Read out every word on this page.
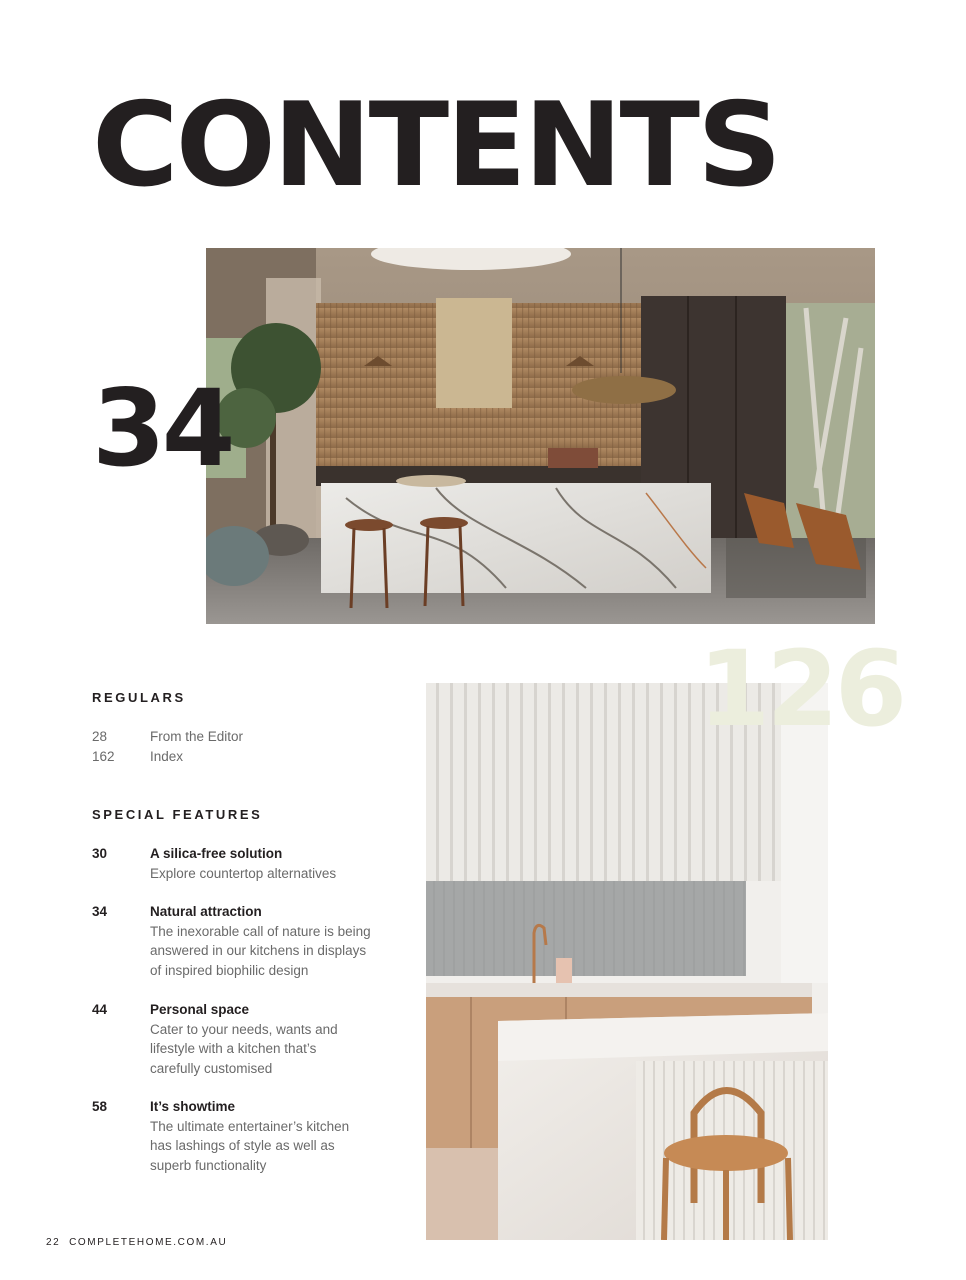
CONTENTS
34
126
REGULARS
28	From the Editor
162	Index
SPECIAL FEATURES
30	A silica-free solution
Explore countertop alternatives
34	Natural attraction
The inexorable call of nature is being
answered in our kitchens in displays
of inspired biophilic design
44	Personal space
Cater to your needs, wants and
lifestyle with a kitchen that’s
carefully customised
58	It’s showtime
The ultimate entertainer’s kitchen
has lashings of style as well as
superb functionality
22 COMPLETEHOME.COM.AU
